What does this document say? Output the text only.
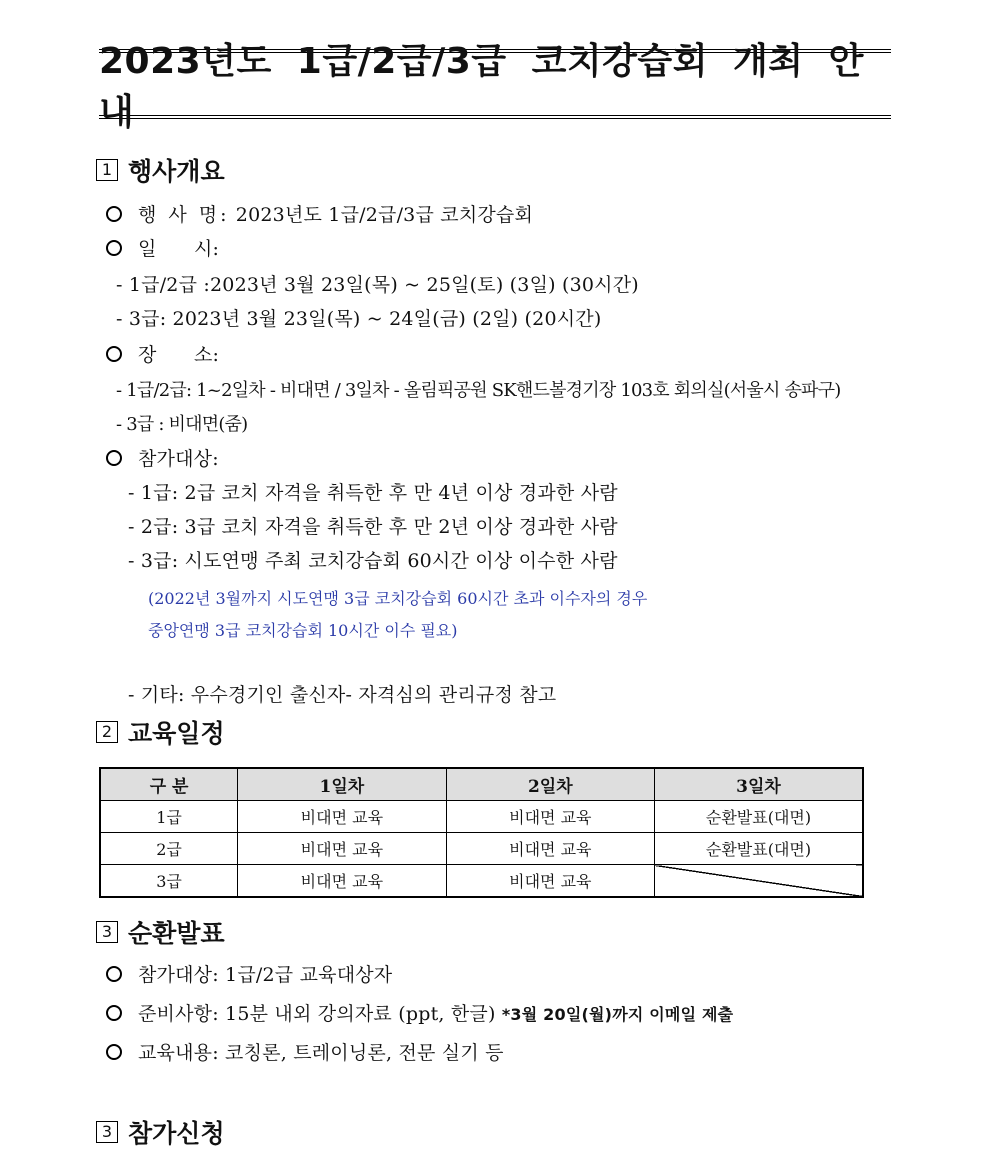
2023년도 1급/2급/3급 코치강습회 개최 안내
1 행사개요
행 사 명: 2023년도 1급/2급/3급 코치강습회
일      시:
- 1급/2급 :2023년 3월 23일(목) ~ 25일(토) (3일) (30시간)
- 3급: 2023년 3월 23일(목) ~ 24일(금) (2일) (20시간)
장      소:
- 1급/2급: 1~2일차 - 비대면 / 3일차 - 올림픽공원 SK핸드볼경기장 103호 회의실(서울시 송파구)
- 3급 : 비대면(줌)
참가대상:
- 1급: 2급 코치 자격을 취득한 후 만 4년 이상 경과한 사람
- 2급: 3급 코치 자격을 취득한 후 만 2년 이상 경과한 사람
- 3급: 시도연맹 주최 코치강습회 60시간 이상 이수한 사람
(2022년 3월까지 시도연맹 3급 코치강습회 60시간 초과 이수자의 경우
중앙연맹 3급 코치강습회 10시간 이수 필요)
- 기타: 우수경기인 출신자- 자격심의 관리규정 참고
2 교육일정
구 분	1일차	2일차	3일차
1급	비대면 교육	비대면 교육	순환발표(대면)
2급	비대면 교육	비대면 교육	순환발표(대면)
3급	비대면 교육	비대면 교육	
3 순환발표
참가대상: 1급/2급 교육대상자
준비사항: 15분 내외 강의자료 (ppt, 한글) *3월 20일(월)까지 이메일 제출
교육내용: 코칭론, 트레이닝론, 전문 실기 등
3 참가신청
